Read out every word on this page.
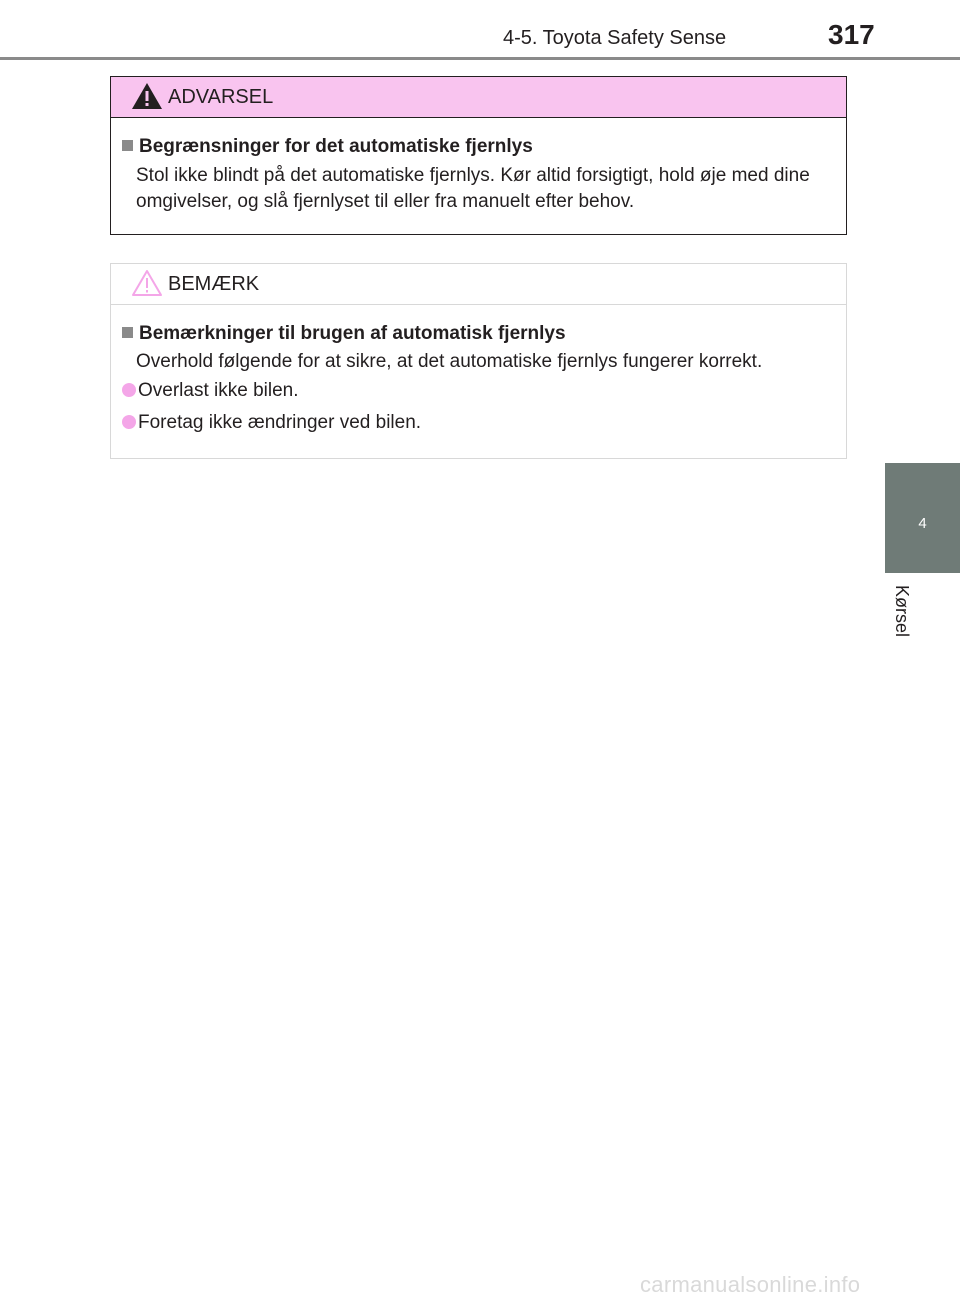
4-5. Toyota Safety Sense	317
4
Kørsel
ADVARSEL
Begrænsninger for det automatiske fjernlys
Stol ikke blindt på det automatiske fjernlys. Kør altid forsigtigt, hold øje med dine omgivelser, og slå fjernlyset til eller fra manuelt efter behov.
BEMÆRK
Bemærkninger til brugen af automatisk fjernlys
Overhold følgende for at sikre, at det automatiske fjernlys fungerer korrekt.
Overlast ikke bilen.
Foretag ikke ændringer ved bilen.
carmanualsonline.info
